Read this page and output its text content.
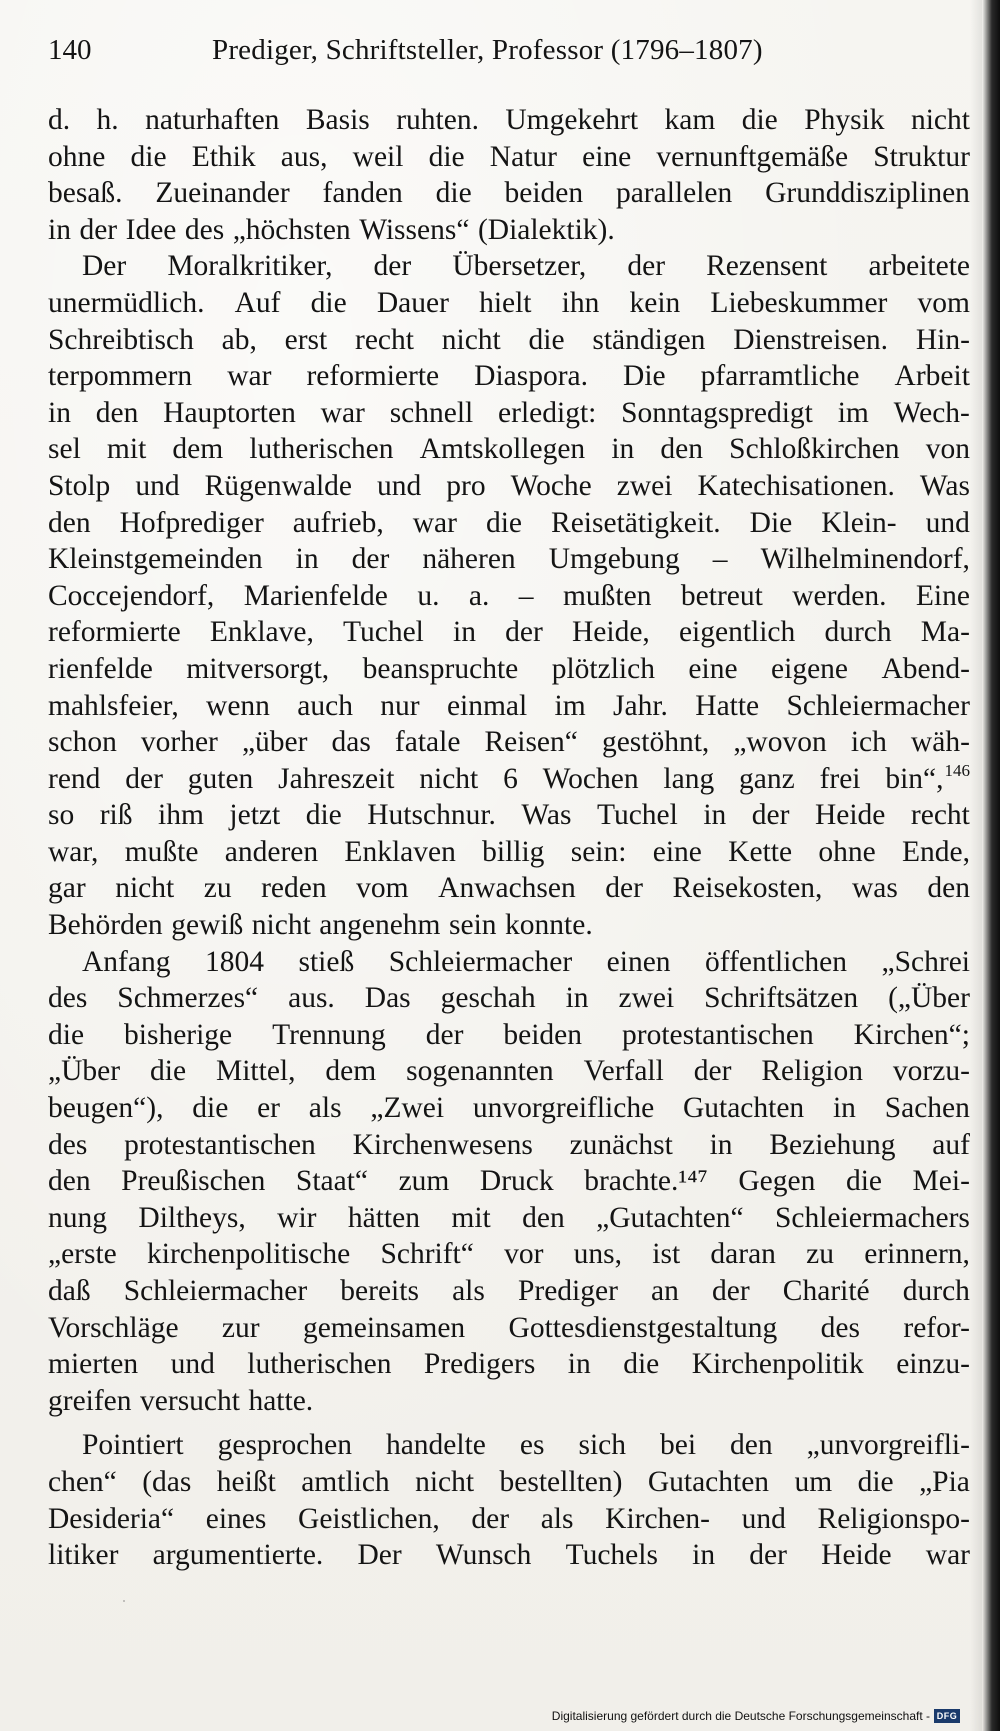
140	Prediger, Schriftsteller, Professor (1796–1807)
d. h. naturhaften Basis ruhten. Umgekehrt kam die Physik nicht
ohne die Ethik aus, weil die Natur eine vernunftgemäße Struktur
besaß. Zueinander fanden die beiden parallelen Grunddisziplinen
in der Idee des „höchsten Wissens“ (Dialektik).
Der Moralkritiker, der Übersetzer, der Rezensent arbeitete
unermüdlich. Auf die Dauer hielt ihn kein Liebeskummer vom
Schreibtisch ab, erst recht nicht die ständigen Dienstreisen. Hin-
terpommern war reformierte Diaspora. Die pfarramtliche Arbeit
in den Hauptorten war schnell erledigt: Sonntagspredigt im Wech-
sel mit dem lutherischen Amtskollegen in den Schloßkirchen von
Stolp und Rügenwalde und pro Woche zwei Katechisationen. Was
den Hofprediger aufrieb, war die Reisetätigkeit. Die Klein- und
Kleinstgemeinden in der näheren Umgebung – Wilhelminendorf,
Coccejendorf, Marienfelde u. a. – mußten betreut werden. Eine
reformierte Enklave, Tuchel in der Heide, eigentlich durch Ma-
rienfelde mitversorgt, beanspruchte plötzlich eine eigene Abend-
mahlsfeier, wenn auch nur einmal im Jahr. Hatte Schleiermacher
schon vorher „über das fatale Reisen“ gestöhnt, „wovon ich wäh-
rend der guten Jahreszeit nicht 6 Wochen lang ganz frei bin“,$^{146}$
so riß ihm jetzt die Hutschnur. Was Tuchel in der Heide recht
war, mußte anderen Enklaven billig sein: eine Kette ohne Ende,
gar nicht zu reden vom Anwachsen der Reisekosten, was den
Behörden gewiß nicht angenehm sein konnte.
Anfang 1804 stieß Schleiermacher einen öffentlichen „Schrei
des Schmerzes“ aus. Das geschah in zwei Schriftsätzen („Über
die bisherige Trennung der beiden protestantischen Kirchen“;
„Über die Mittel, dem sogenannten Verfall der Religion vorzu-
beugen“), die er als „Zwei unvorgreifliche Gutachten in Sachen
des protestantischen Kirchenwesens zunächst in Beziehung auf
den Preußischen Staat“ zum Druck brachte.¹⁴⁷ Gegen die Mei-
nung Diltheys, wir hätten mit den „Gutachten“ Schleiermachers
„erste kirchenpolitische Schrift“ vor uns, ist daran zu erinnern,
daß Schleiermacher bereits als Prediger an der Charité durch
Vorschläge zur gemeinsamen Gottesdienstgestaltung des refor-
mierten und lutherischen Predigers in die Kirchenpolitik einzu-
greifen versucht hatte.
Pointiert gesprochen handelte es sich bei den „unvorgreifli-
chen“ (das heißt amtlich nicht bestellten) Gutachten um die „Pia
Desideria“ eines Geistlichen, der als Kirchen- und Religionspo-
litiker argumentierte. Der Wunsch Tuchels in der Heide war
Digitalisierung gefördert durch die Deutsche Forschungsgemeinschaft - DFG
